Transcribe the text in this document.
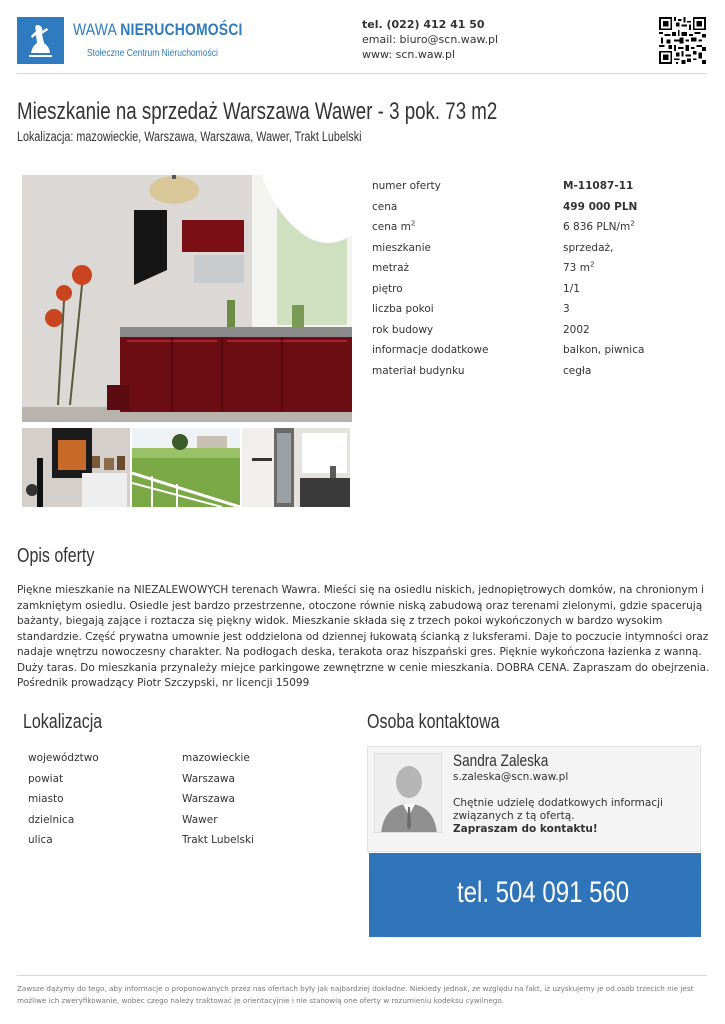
WAWA NIERUCHOMOŚCI
Stołeczne Centrum Nieruchomości
tel. (022) 412 41 50
email: biuro@scn.waw.pl
www: scn.waw.pl
Mieszkanie na sprzedaż Warszawa Wawer - 3 pok. 73 m2
Lokalizacja: mazowieckie, Warszawa, Warszawa, Wawer, Trakt Lubelski
numer oferty	M-11087-11
cena	499 000 PLN
cena $m^2$	6 836 PLN/$m^2$
mieszkanie	sprzedaż,
metraż	73 $m^2$
piętro	1/1
liczba pokoi	3
rok budowy	2002
informacje dodatkowe	balkon, piwnica
materiał budynku	cegła
Opis oferty
Piękne mieszkanie na NIEZALEWOWYCH terenach Wawra. Mieści się na osiedlu niskich, jednopiętrowych domków, na chronionym i zamkniętym osiedlu. Osiedle jest bardzo przestrzenne, otoczone równie niską zabudową oraz terenami zielonymi, gdzie spacerują bażanty, biegają zające i roztacza się piękny widok. Mieszkanie składa się z trzech pokoi wykończonych w bardzo wysokim standardzie. Część prywatna umownie jest oddzielona od dziennej łukowatą ścianką z luksferami. Daje to poczucie intymności oraz nadaje wnętrzu nowoczesny charakter. Na podłogach deska, terakota oraz hiszpański gres. Pięknie wykończona łazienka z wanną. Duży taras. Do mieszkania przynależy miejce parkingowe zewnętrzne w cenie mieszkania. DOBRA CENA. Zapraszam do obejrzenia. Pośrednik prowadzący Piotr Szczypski, nr licencji 15099
Lokalizacja
województwo	mazowieckie
powiat	Warszawa
miasto	Warszawa
dzielnica	Wawer
ulica	Trakt Lubelski
Osoba kontaktowa
Sandra Zaleska
s.zaleska@scn.waw.pl
Chętnie udzielę dodatkowych informacji związanych z tą ofertą.
Zapraszam do kontaktu!
tel. 504 091 560
Zawsze dążymy do tego, aby informacje o proponowanych przez nas ofertach były jak najbardziej dokładne. Niekiedy jednak, ze względu na fakt, iż uzyskujemy je od osób trzecich nie jest możliwe ich zweryfikowanie, wobec czego należy traktować je orientacyjnie i nie stanowią one oferty w rozumieniu kodeksu cywilnego.
